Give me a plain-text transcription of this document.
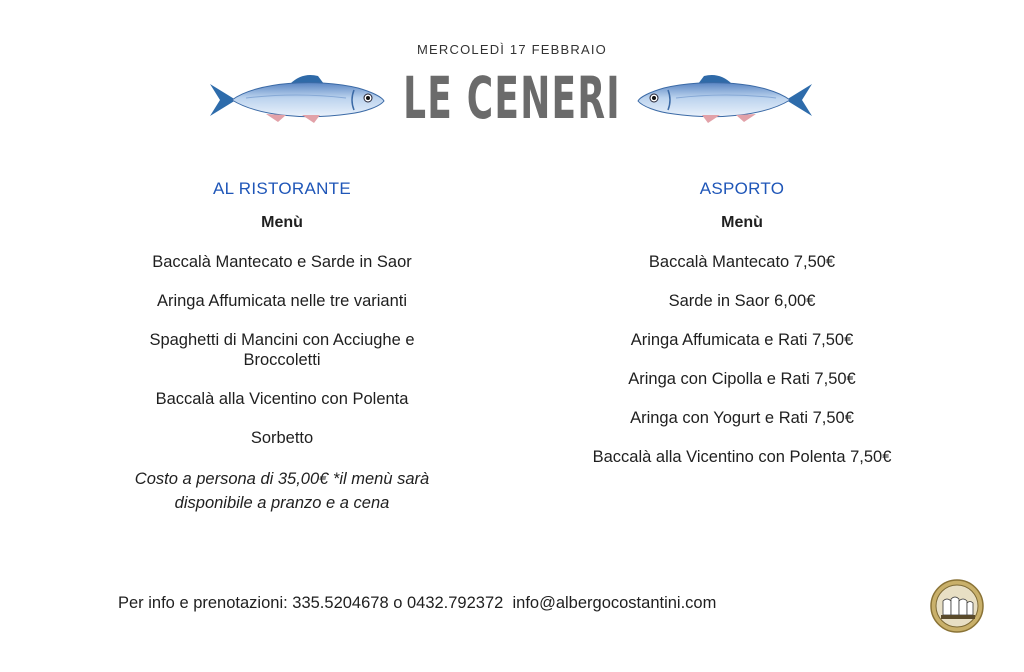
MERCOLEDÌ 17 FEBBRAIO
LE CENERI
AL RISTORANTE
Menù
Baccalà Mantecato e Sarde in Saor
Aringa Affumicata nelle tre varianti
Spaghetti di Mancini con Acciughe e Broccoletti
Baccalà alla Vicentino con Polenta
Sorbetto
Costo a persona di 35,00€ *il menù sarà disponibile a pranzo e a cena
ASPORTO
Menù
Baccalà Mantecato 7,50€
Sarde in Saor 6,00€
Aringa Affumicata e Rati 7,50€
Aringa con Cipolla e Rati 7,50€
Aringa con Yogurt e Rati 7,50€
Baccalà alla Vicentino con Polenta 7,50€
Per info e prenotazioni: 335.5204678 o 0432.792372  info@albergocostantini.com
